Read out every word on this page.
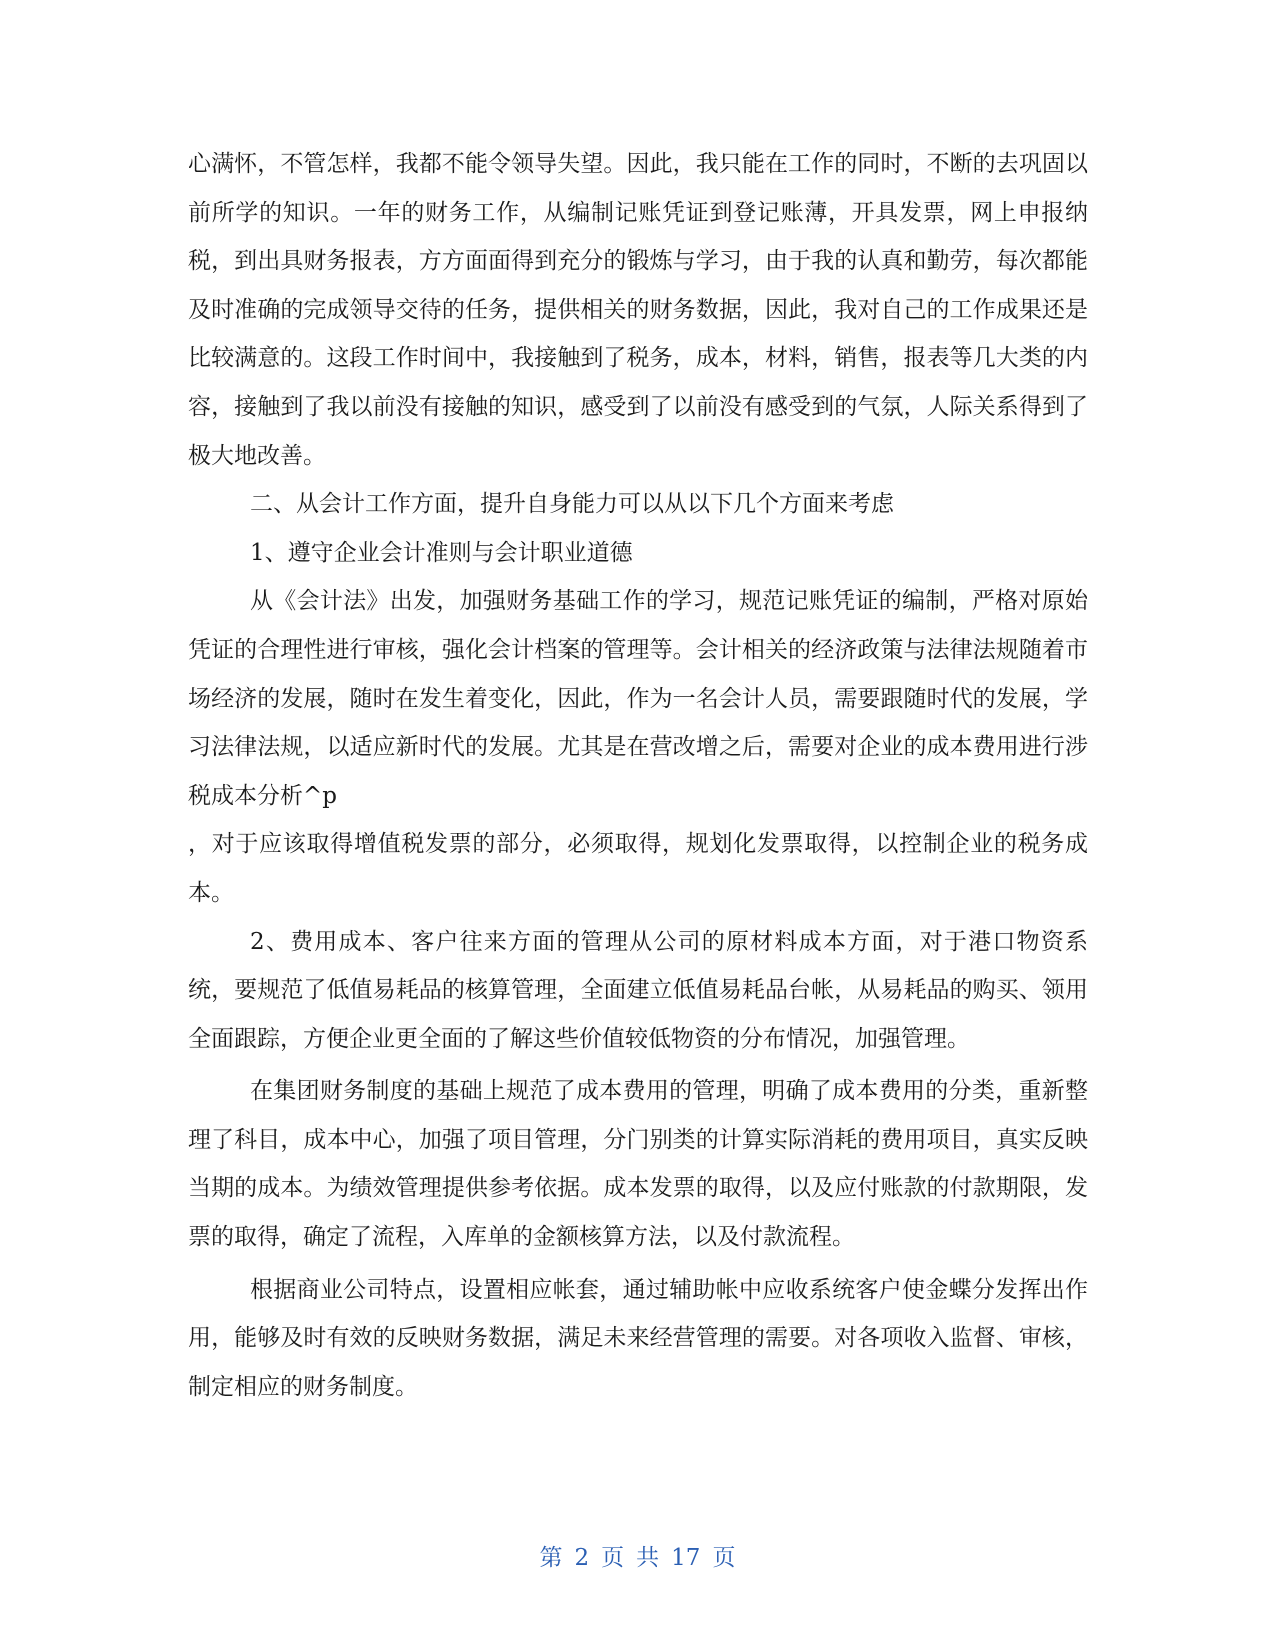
心满怀，不管怎样，我都不能令领导失望。因此，我只能在工作的同时，不断的去巩固以前所学的知识。一年的财务工作，从编制记账凭证到登记账薄，开具发票，网上申报纳税，到出具财务报表，方方面面得到充分的锻炼与学习，由于我的认真和勤劳，每次都能及时准确的完成领导交待的任务，提供相关的财务数据，因此，我对自己的工作成果还是比较满意的。这段工作时间中，我接触到了税务，成本，材料，销售，报表等几大类的内容，接触到了我以前没有接触的知识，感受到了以前没有感受到的气氛，人际关系得到了极大地改善。

二、从会计工作方面，提升自身能力可以从以下几个方面来考虑

1、遵守企业会计准则与会计职业道德

从《会计法》出发，加强财务基础工作的学习，规范记账凭证的编制，严格对原始凭证的合理性进行审核，强化会计档案的管理等。会计相关的经济政策与法律法规随着市场经济的发展，随时在发生着变化，因此，作为一名会计人员，需要跟随时代的发展，学习法律法规，以适应新时代的发展。尤其是在营改增之后，需要对企业的成本费用进行涉税成本分析^p

，对于应该取得增值税发票的部分，必须取得，规划化发票取得，以控制企业的税务成本。

2、费用成本、客户往来方面的管理从公司的原材料成本方面，对于港口物资系统，要规范了低值易耗品的核算管理，全面建立低值易耗品台帐，从易耗品的购买、领用全面跟踪，方便企业更全面的了解这些价值较低物资的分布情况，加强管理。

在集团财务制度的基础上规范了成本费用的管理，明确了成本费用的分类，重新整理了科目，成本中心，加强了项目管理，分门别类的计算实际消耗的费用项目，真实反映当期的成本。为绩效管理提供参考依据。成本发票的取得，以及应付账款的付款期限，发票的取得，确定了流程，入库单的金额核算方法，以及付款流程。

根据商业公司特点，设置相应帐套，通过辅助帐中应收系统客户使金蝶分发挥出作用，能够及时有效的反映财务数据，满足未来经营管理的需要。对各项收入监督、审核，制定相应的财务制度。

第 2 页 共 17 页
